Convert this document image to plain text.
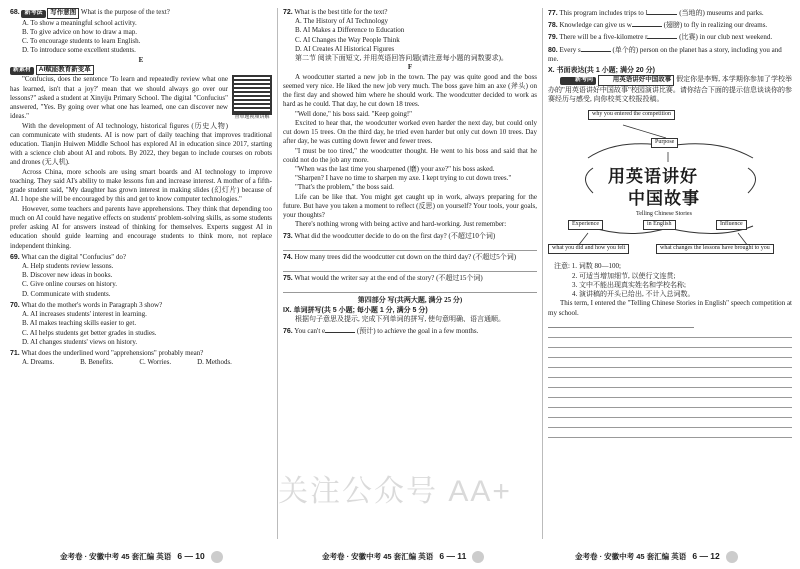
68. 新考法 写作意图 What is the purpose of the text?
A. To show a meaningful school activity.
B. To give advice on how to draw a map.
C. To encourage students to learn English.
D. To introduce some excellent students.
E
新素材 AI赋能教育新变革
查单题视频讲解

"Confucius, does the sentence 'To learn and repeatedly review what one has learned, isn't that a joy?' mean that we should always go over our lessons?" asked a student at Xinyiju Primary School. The digital "Confucius" answered, "Yes. By going over what one has learned, one can discover new ideas."

With the development of AI technology, historical figures (历史人物) can communicate with students. AI is now part of daily teaching that improves traditional education. Tianjin Huiwen Middle School has explored AI in education since 2017, starting with a science club about AI and robots. By 2022, they began to include courses on robots and drones (无人机).

Across China, more schools are using smart boards and AI technology to improve teaching. They said AI's ability to make lessons fun and increase interest. A mother of a fifth-grade student said, "My daughter has grown interest in making slides (幻灯片) because of AI. I hope she will be encouraged by this and get to know computer technologies."

However, some teachers and parents have apprehensions. They think that depending too much on AI could have negative effects on students' problem-solving skills, as some students prefer asking AI for answers instead of thinking for themselves. Experts suggest AI in education should guide learning and encourage students to think more, not replace independent thinking.

69. What can the digital "Confucius" do?
A. Help students review lessons.
B. Discover new ideas in books.
C. Give online courses on history.
D. Communicate with students.
70. What do the mother's words in Paragraph 3 show?
A. AI increases students' interest in learning.
B. AI makes teaching skills easier to get.
C. AI helps students get better grades in studies.
D. AI changes students' views on history.
71. What does the underlined word "apprehensions" probably mean?
A. Dreams.	B. Benefits.	C. Worries.	D. Methods.
金考卷 · 安徽中考 45 套汇编 英语 6 — 10
72. What is the best title for the text?
A. The History of AI Technology
B. AI Makes a Difference to Education
C. AI Changes the Way People Think
D. AI Creates AI Historical Figures

第二节 阅读下面短文, 并用英语回答问题(请注意每小题的词数要求)。

F

A woodcutter started a new job in the town. The pay was quite good and the boss seemed very nice. He liked the new job very much. The boss gave him an axe (斧头) on the first day and showed him where he should work. The woodcutter decided to work as hard as he could. That day, he cut down 18 trees.

"Well done," his boss said. "Keep going!"

Excited to hear that, the woodcutter worked even harder the next day, but could only cut down 15 trees. On the third day, he tried even harder but only cut down 10 trees. Day after day, he was cutting down fewer and fewer trees.

"I must be too tired," the woodcutter thought. He went to his boss and said that he could not do the job any more.

"When was the last time you sharpened (磨) your axe?" his boss asked.

"Sharpen? I have no time to sharpen my axe. I kept trying to cut down trees."

"That's the problem," the boss said.

Life can be like that. You might get caught up in work, always preparing for the future. But have you taken a moment to reflect (反思) on yourself? Your tools, your goals, your thoughts?

There's nothing wrong with being active and hard-working. Just remember:

73. What did the woodcutter decide to do on the first day? (不超过10个词)
74. How many trees did the woodcutter cut down on the third day? (不超过5个词)
75. What would the writer say at the end of the story? (不超过15个词)
第四部分 写(共两大题, 满分 25 分)
IX. 单词拼写(共 5 小题; 每小题 1 分, 满分 5 分)

根据句子意思及提示, 完成下列单词的拼写, 使句意明确、语言通顺。

76. You can't e	(预计) to achieve the goal in a few months.
金考卷 · 安徽中考 45 套汇编 英语 6 — 11
77. This program includes trips to l	(当地的) museums and parks.
78. Knowledge can give us w	(翅膀) to fly in realizing our dreams.
79. There will be a five-kilometre r	(比赛) in our club next weekend.
80. Every s	(单个的) person on the planet has a story, including you and me.
X. 书面表达(共 1 小题; 满分 20 分)

新考向	用英语讲好中国故事 假定你是李辉, 本学期你参加了学校举办的"用英语讲好中国故事"校园演讲比赛。请你结合下面的提示信息谈谈你的参赛经历与感受, 向你校英文校报投稿。

why you entered the competition
Purpose
用英语讲好
中国故事
Telling Chinese Stories
Experience	in English	Influence
what you did and how you felt	what changes the lessons have brought to you
注意: 1. 词数 80—100;
2. 可适当增加细节, 以使行文连贯;
3. 文中不能出现真实姓名和学校名称;
4. 演讲稿的开头已给出, 不计入总词数。

This term, I entered the "Telling Chinese Stories in English" speech competition at my school.

金考卷 · 安徽中考 45 套汇编 英语 6 — 12
关注公众号 AA+
